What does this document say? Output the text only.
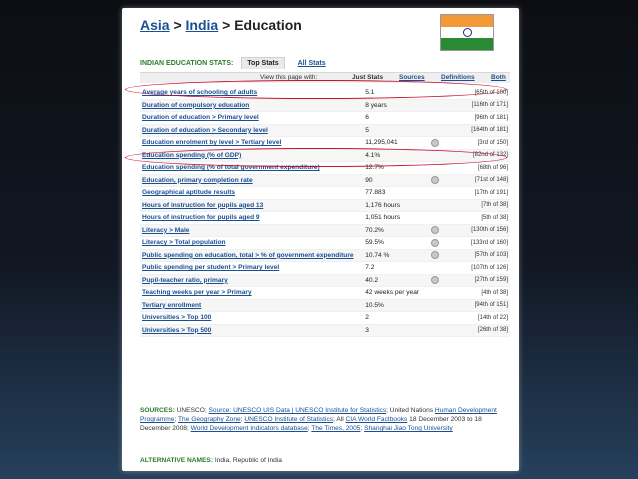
Asia > India > Education
INDIAN EDUCATION STATS: Top Stats	All Stats
View this page with:	Just Stats Sources	Definitions	Both
Average years of schooling of adults	5.1		[65th of 100]
Duration of compulsory education	8 years		[116th of 171]
Duration of education > Primary level	6		[96th of 181]
Duration of education > Secondary level	5		[164th of 181]
Education enrolment by level > Tertiary level	11,295,041		[3rd of 150]
Education spending (% of GDP)	4.1%		[82nd of 132]
Education spending (% of total government expenditure)	12.7%		[68th of 96]
Education, primary completion rate	90		[71st of 148]
Geographical aptitude results	77.883		[17th of 191]
Hours of instruction for pupils aged 13	1,176 hours		[7th of 38]
Hours of instruction for pupils aged 9	1,051 hours		[5th of 38]
Literacy > Male	70.2%		[130th of 156]
Literacy > Total population	59.5%		[133rd of 160]
Public spending on education, total > % of government expenditure	10.74 %		[57th of 103]
Public spending per student > Primary level	7.2		[107th of 126]
Pupil-teacher ratio, primary	40.2		[27th of 159]
Teaching weeks per year > Primary	42 weeks per year		[4th of 38]
Tertiary enrollment	10.5%		[94th of 151]
Universities > Top 100	2		[14th of 22]
Universities > Top 500	3		[26th of 38]
SOURCES: UNESCO; Source: UNESCO UIS Data | UNESCO Institute for Statistics; United Nations Human Development Programme; The Geography Zone; UNESCO Institute of Statistics; All CIA World Factbooks 18 December 2003 to 18 December 2008; World Development Indicators database; The Times, 2005; Shanghai Jiao Tong University
ALTERNATIVE NAMES: India, Republic of India
